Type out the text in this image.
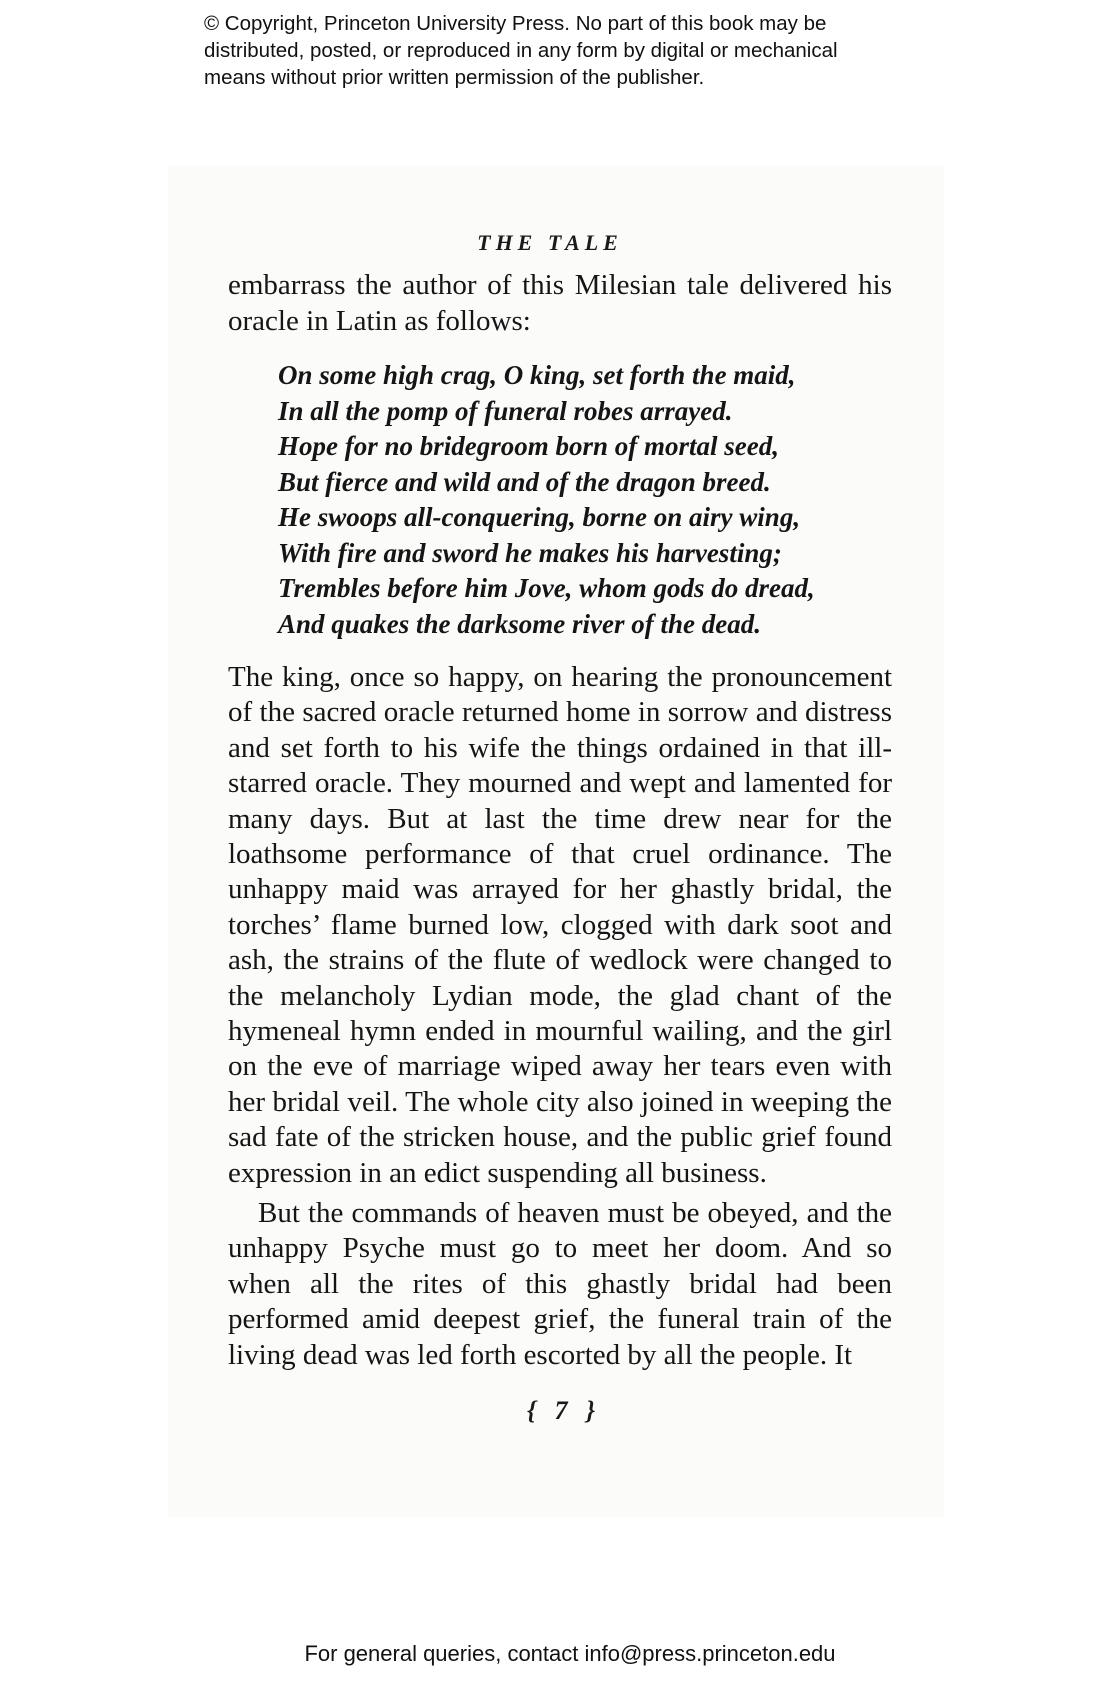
© Copyright, Princeton University Press. No part of this book may be
distributed, posted, or reproduced in any form by digital or mechanical
means without prior written permission of the publisher.
THE TALE

embarrass the author of this Milesian tale delivered his

oracle in Latin as follows:

On some high crag, O king, set forth the maid,
In all the pomp of funeral robes arrayed.
Hope for no bridegroom born of mortal seed,
But fierce and wild and of the dragon breed.
He swoops all-conquering, borne on airy wing,
With fire and sword he makes his harvesting;
Trembles before him Jove, whom gods do dread,
And quakes the darksome river of the dead.

The king, once so happy, on hearing the pronouncement of the sacred oracle returned home in sorrow and distress and set forth to his wife the things ordained in that ill-starred oracle. They mourned and wept and lamented for many days. But at last the time drew near for the loathsome performance of that cruel ordinance. The unhappy maid was arrayed for her ghastly bridal, the torches’ flame burned low, clogged with dark soot and ash, the strains of the flute of wedlock were changed to the melancholy Lydian mode, the glad chant of the hymeneal hymn ended in mournful wailing, and the girl on the eve of marriage wiped away her tears even with her bridal veil. The whole city also joined in weeping the sad fate of the stricken house, and the public grief found expression in an edict suspending all business.

But the commands of heaven must be obeyed, and the unhappy Psyche must go to meet her doom. And so when all the rites of this ghastly bridal had been performed amid deepest grief, the funeral train of the living dead was led forth escorted by all the people. It

{ 7 }
For general queries, contact info@press.princeton.edu
